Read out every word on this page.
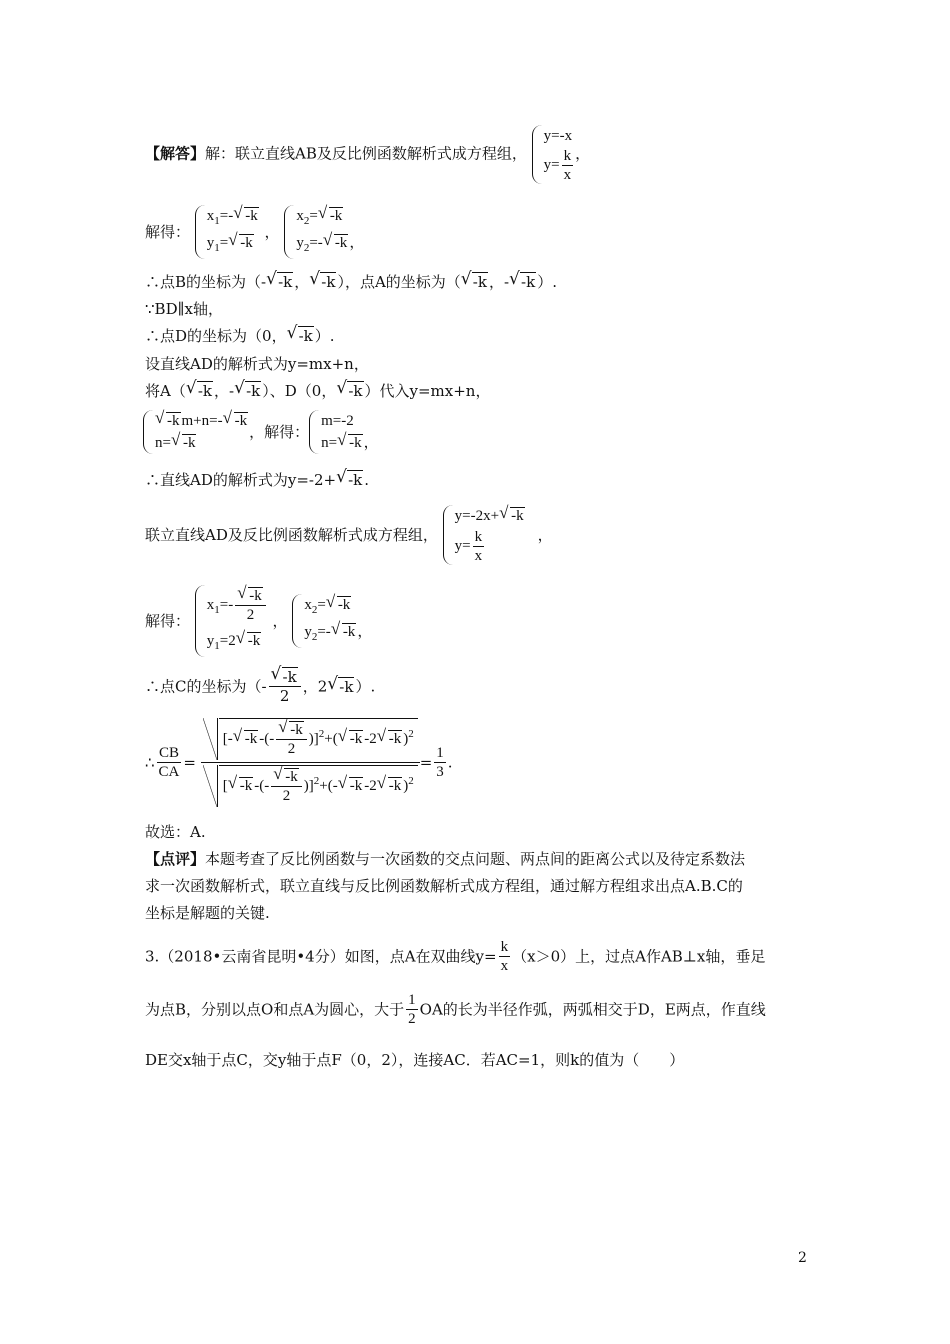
【解答】解：联立直线AB及反比例函数解析式成方程组，
y=-x
$y= \frac{k}{x}$ ，
解得：
$x_1=-√$ -k
$y_1=√$ -k
，
$x_2=√$ -k
$y_2=-√$ -k ，
∴点B的坐标为（-√ -k ，√ -k ），点A的坐标为（√ -k ，-√ -k ）.
∵BD∥x轴，
∴点D的坐标为（0，√ -k ）.
设直线AD的解析式为y=mx+n，
将A（√ -k ，-√ -k ）、D（0，√ -k ）代入y=mx+n，
√ -k m+n=-√ -k
n=√ -k
，解得：
m=-2
n=√ -k ，
∴直线AD的解析式为y=-2+√ -k .
联立直线AD及反比例函数解析式成方程组，
y=-2x+√ -k
$y= \frac{k}{x}$	，
解得：
$x_1=-$
√ $\frac{-k}{2}$
$y_1=2√$ -k
，
$x_2=√$ -k
$y_2=-√$ -k ，
∴点C的坐标为（-
√ $\frac{-k}{2}$ ，2√ -k ）.
∴ $\frac{CB}{CA}$ = [-√ -k -(-
√ $\frac{-k}{2} )]^2+(√$ -k -2√ -k )$^2$
[√ -k -(-
√ $\frac{-k}{2} )]^2+(-√$ -k -2√ -k )$^2 = \frac{1}{3}$ .
故选：A.
【点评】本题考查了反比例函数与一次函数的交点问题、两点间的距离公式以及待定系数法
求一次函数解析式，联立直线与反比例函数解析式成方程组，通过解方程组求出点A.B.C的
坐标是解题的关键.
3.（2018•云南省昆明•4分）如图，点A在双曲线$y= \frac{k}{x} (x>0)$上，过点A作AB⊥x轴，垂足
为点B，分别以点O和点A为圆心，大于 $\frac{1}{2}$ OA的长为半径作弧，两弧相交于D，E两点，作直线
DE交x轴于点C，交y轴于点F（0，2），连接AC．若AC=1，则k的值为（　　）
2
